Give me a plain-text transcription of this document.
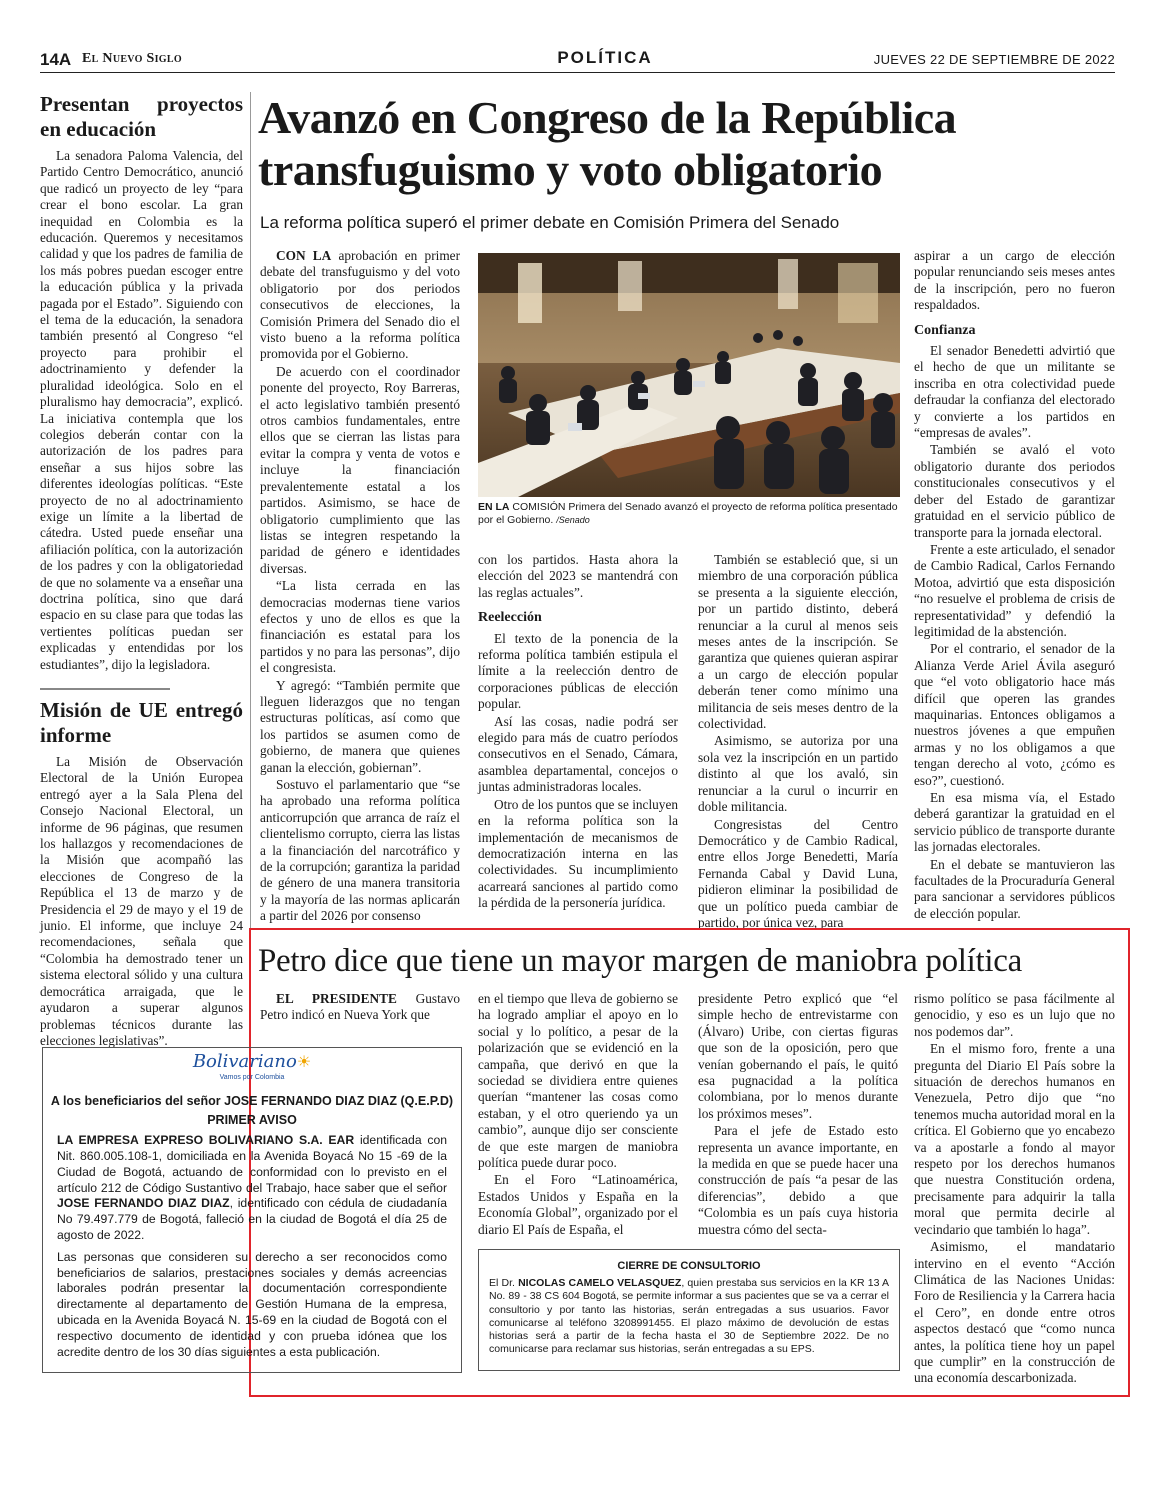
14A El Nuevo Siglo	POLÍTICA	JUEVES 22 DE SEPTIEMBRE DE 2022
Presentan proyectos en educación

La senadora Paloma Valencia, del Partido Centro Democrático, anunció que radicó un proyecto de ley “para crear el bono escolar. La gran inequidad en Colombia es la educación. Queremos y necesitamos calidad y que los padres de familia de los más pobres puedan escoger entre la educación pública y la privada pagada por el Estado”. Siguiendo con el tema de la educación, la senadora también presentó al Congreso “el proyecto para prohibir el adoctrinamiento y defender la pluralidad ideológica. Solo en el pluralismo hay democracia”, explicó. La iniciativa contempla que los colegios deberán contar con la autorización de los padres para enseñar a sus hijos sobre las diferentes ideologías políticas. “Este proyecto de no al adoctrinamiento exige un límite a la libertad de cátedra. Usted puede enseñar una afiliación política, con la autorización de los padres y con la obligatoriedad de que no solamente va a enseñar una doctrina política, sino que dará espacio en su clase para que todas las vertientes políticas puedan ser explicadas y entendidas por los estudiantes”, dijo la legisladora.

Misión de UE entregó informe

La Misión de Observación Electoral de la Unión Europea entregó ayer a la Sala Plena del Consejo Nacional Electoral, un informe de 96 páginas, que resumen los hallazgos y recomendaciones de la Misión que acompañó las elecciones de Congreso de la República el 13 de marzo y de Presidencia el 29 de mayo y el 19 de junio. El informe, que incluye 24 recomendaciones, señala que “Colombia ha demostrado tener un sistema electoral sólido y una cultura democrática arraigada, que le ayudaron a superar algunos problemas técnicos durante las elecciones legislativas”.

Avanzó en Congreso de la República
transfuguismo y voto obligatorio
La reforma política superó el primer debate en Comisión Primera del Senado

CON LA aprobación en primer debate del transfuguismo y del voto obligatorio por dos periodos consecutivos de elecciones, la Comisión Primera del Senado dio el visto bueno a la reforma política promovida por el Gobierno.

De acuerdo con el coordinador ponente del proyecto, Roy Barreras, el acto legislativo también presentó otros cambios fundamentales, entre ellos que se cierran las listas para evitar la compra y venta de votos e incluye la financiación prevalentemente estatal a los partidos. Asimismo, se hace de obligatorio cumplimiento que las listas se integren respetando la paridad de género e identidades diversas.

“La lista cerrada en las democracias modernas tiene varios efectos y uno de ellos es que la financiación es estatal para los partidos y no para las personas”, dijo el congresista.

Y agregó: “También permite que lleguen liderazgos que no tengan estructuras políticas, así como que los partidos se asumen como de gobierno, de manera que quienes ganan la elección, gobiernan”.

Sostuvo el parlamentario que “se ha aprobado una reforma política anticorrupción que arranca de raíz el clientelismo corrupto, cierra las listas a la financiación del narcotráfico y de la corrupción; garantiza la paridad de género de una manera transitoria y la mayoría de las normas aplicarán a partir del 2026 por consenso

EN LA COMISIÓN Primera del Senado avanzó el proyecto de reforma política presentado por el Gobierno. /Senado

con los partidos. Hasta ahora la elección del 2023 se mantendrá con las reglas actuales”.

Reelección

El texto de la ponencia de la reforma política también estipula el límite a la reelección dentro de corporaciones públicas de elección popular.

Así las cosas, nadie podrá ser elegido para más de cuatro períodos consecutivos en el Senado, Cámara, asamblea departamental, concejos o juntas administradoras locales.

Otro de los puntos que se incluyen en la reforma política son la implementación de mecanismos de democratización interna en las colectividades. Su incumplimiento acarreará sanciones al partido como la pérdida de la personería jurídica.

También se estableció que, si un miembro de una corporación pública se presenta a la siguiente elección, por un partido distinto, deberá renunciar a la curul al menos seis meses antes de la inscripción. Se garantiza que quienes quieran aspirar a un cargo de elección popular deberán tener como mínimo una militancia de seis meses dentro de la colectividad.

Asimismo, se autoriza por una sola vez la inscripción en un partido distinto al que los avaló, sin renunciar a la curul o incurrir en doble militancia.

Congresistas del Centro Democrático y de Cambio Radical, entre ellos Jorge Benedetti, María Fernanda Cabal y David Luna, pidieron eliminar la posibilidad de que un político pueda cambiar de partido, por única vez, para

aspirar a un cargo de elección popular renunciando seis meses antes de la inscripción, pero no fueron respaldados.

Confianza

El senador Benedetti advirtió que el hecho de que un militante se inscriba en otra colectividad puede defraudar la confianza del electorado y convierte a los partidos en “empresas de avales”.

También se avaló el voto obligatorio durante dos periodos constitucionales consecutivos y el deber del Estado de garantizar gratuidad en el servicio público de transporte para la jornada electoral.

Frente a este articulado, el senador de Cambio Radical, Carlos Fernando Motoa, advirtió que esta disposición “no resuelve el problema de crisis de representatividad” y defendió la legitimidad de la abstención.

Por el contrario, el senador de la Alianza Verde Ariel Ávila aseguró que “el voto obligatorio hace más difícil que operen las grandes maquinarias. Entonces obligamos a nuestros jóvenes a que empuñen armas y no los obligamos a que tengan derecho al voto, ¿cómo es eso?”, cuestionó.

En esa misma vía, el Estado deberá garantizar la gratuidad en el servicio público de transporte durante las jornadas electorales.

En el debate se mantuvieron las facultades de la Procuraduría General para sancionar a servidores públicos de elección popular.

Petro dice que tiene un mayor margen de maniobra política

EL PRESIDENTE Gustavo Petro indicó en Nueva York que

en el tiempo que lleva de gobierno se ha logrado ampliar el apoyo en lo social y lo político, a pesar de la polarización que se evidenció en la campaña, que derivó en que la sociedad se dividiera entre quienes querían “mantener las cosas como estaban, y el otro queriendo ya un cambio”, aunque dijo ser consciente de que este margen de maniobra política puede durar poco.

En el Foro “Latinoamérica, Estados Unidos y España en la Economía Global”, organizado por el diario El País de España, el

presidente Petro explicó que “el simple hecho de entrevistarme con (Álvaro) Uribe, con ciertas figuras que son de la oposición, pero que venían gobernando el país, le quitó esa pugnacidad a la política colombiana, por lo menos durante los próximos meses”.

Para el jefe de Estado esto representa un avance importante, en la medida en que se puede hacer una construcción de país “a pesar de las diferencias”, debido a que “Colombia es un país cuya historia muestra cómo del secta-

rismo político se pasa fácilmente al genocidio, y eso es un lujo que no nos podemos dar”.

En el mismo foro, frente a una pregunta del Diario El País sobre la situación de derechos humanos en Venezuela, Petro dijo que “no tenemos mucha autoridad moral en la crítica. El Gobierno que yo encabezo va a apostarle a fondo al mayor respeto por los derechos humanos que nuestra Constitución ordena, precisamente para adquirir la talla moral que permita decirle al vecindario que también lo haga”.

Asimismo, el mandatario intervino en el evento “Acción Climática de las Naciones Unidas: Foro de Resiliencia y la Carrera hacia el Cero”, en donde entre otros aspectos destacó que “como nunca antes, la política tiene hoy un papel que cumplir” en la construcción de una economía descarbonizada.

Bolivariano☀
Vamos por Colombia
A los beneficiarios del señor JOSE FERNANDO DIAZ DIAZ (Q.E.P.D)
PRIMER AVISO
LA EMPRESA EXPRESO BOLIVARIANO S.A. EAR identificada con Nit. 860.005.108-1, domiciliada en la Avenida Boyacá No 15 -69 de la Ciudad de Bogotá, actuando de conformidad con lo previsto en el artículo 212 de Código Sustantivo del Trabajo, hace saber que el señor JOSE FERNANDO DIAZ DIAZ, identificado con cédula de ciudadanía No 79.497.779 de Bogotá, falleció en la ciudad de Bogotá el día 25 de agosto de 2022.
Las personas que consideren su derecho a ser reconocidos como beneficiarios de salarios, prestaciones sociales y demás acreencias laborales podrán presentar la documentación correspondiente directamente al departamento de Gestión Humana de la empresa, ubicada en la Avenida Boyacá N. 15-69 en la ciudad de Bogotá con el respectivo documento de identidad y con prueba idónea que los acredite dentro de los 30 días siguientes a esta publicación.
CIERRE DE CONSULTORIO
El Dr. NICOLAS CAMELO VELASQUEZ, quien prestaba sus servicios en la KR 13 A No. 89 - 38 CS 604 Bogotá, se permite informar a sus pacientes que se va a cerrar el consultorio y por tanto las historias, serán entregadas a sus usuarios. Favor comunicarse al teléfono 3208991455. El plazo máximo de devolución de estas historias será a partir de la fecha hasta el 30 de Septiembre 2022. De no comunicarse para reclamar sus historias, serán entregadas a su EPS.
